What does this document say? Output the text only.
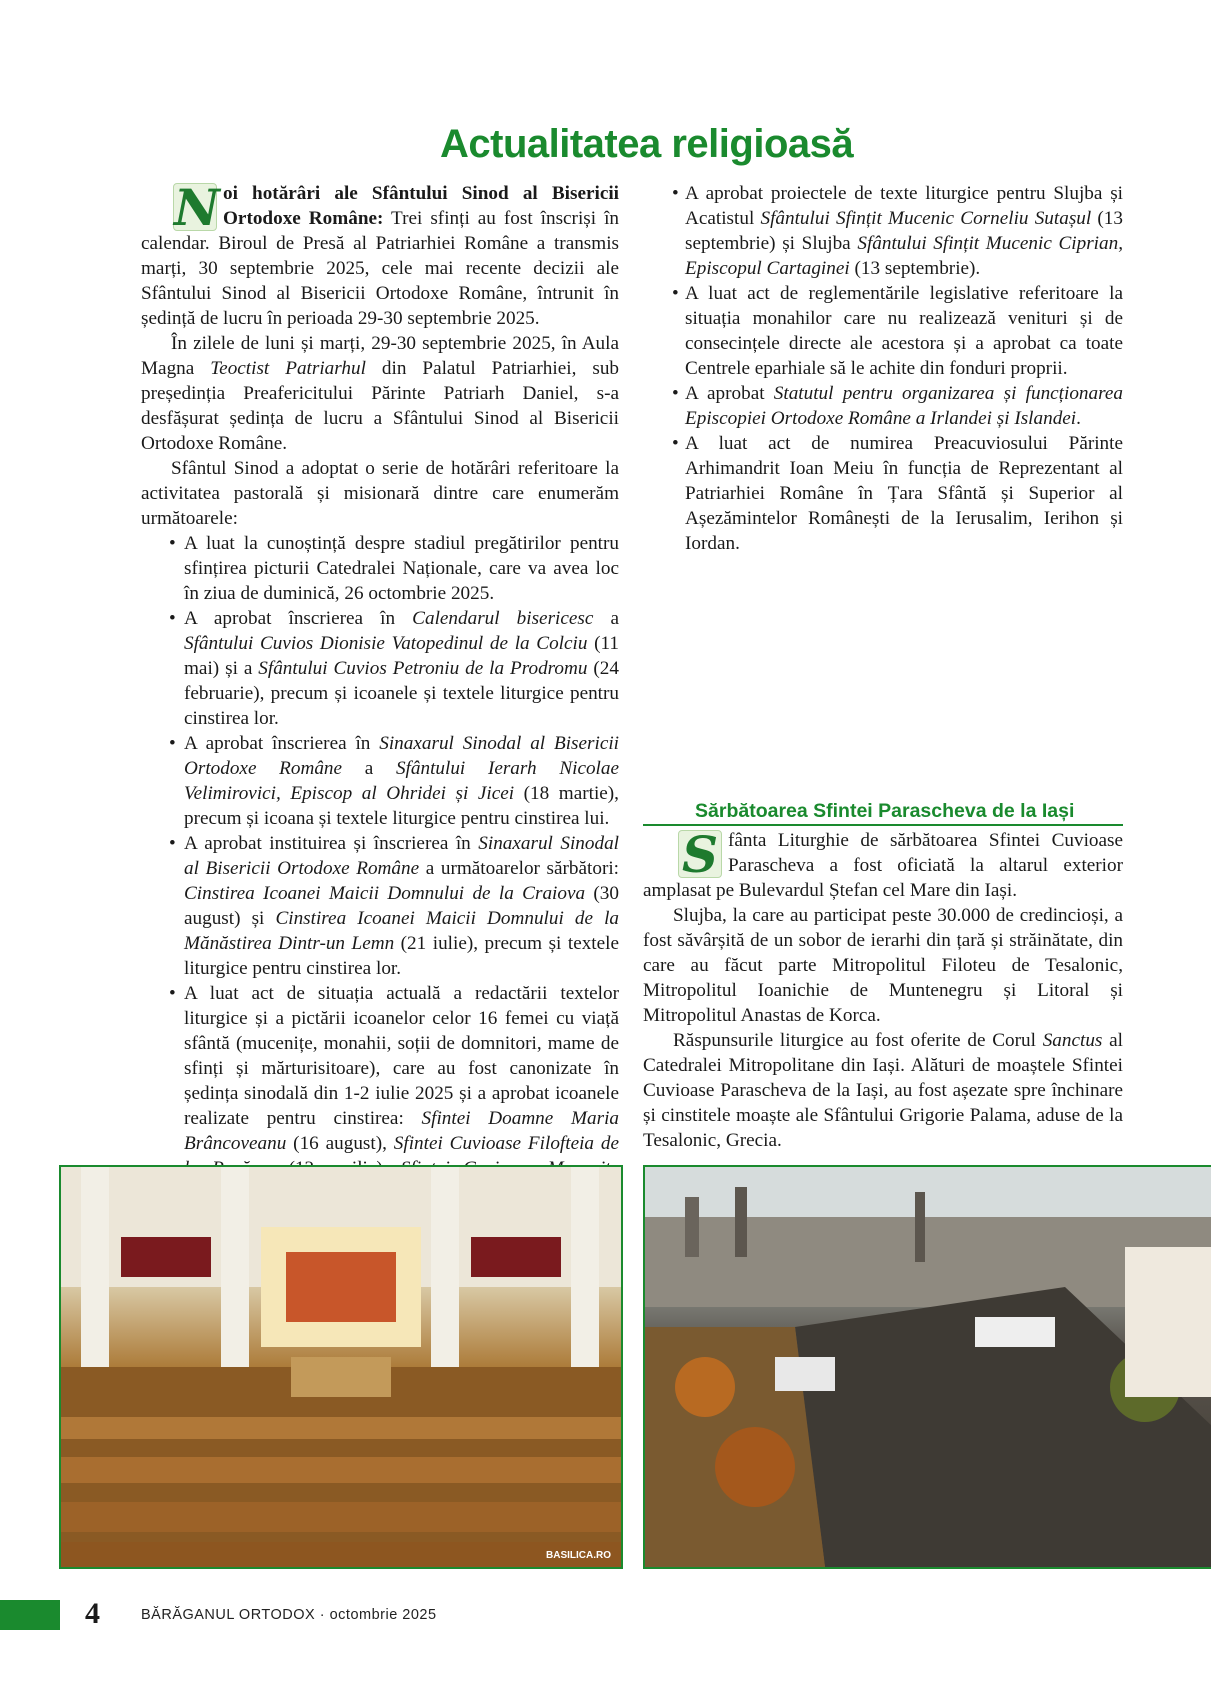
Actualitatea religioasă

N oi hotărâri ale Sfântului Sinod al Bisericii Ortodoxe Române: Trei sfinți au fost înscriși în calendar. Biroul de Presă al Patriarhiei Române a transmis marți, 30 septembrie 2025, cele mai recente decizii ale Sfântului Sinod al Bisericii Ortodoxe Române, întrunit în ședință de lucru în perioada 29-30 septembrie 2025.

În zilele de luni și marți, 29-30 septembrie 2025, în Aula Magna Teoctist Patriarhul din Palatul Patriarhiei, sub președinția Preafericitului Părinte Patriarh Daniel, s-a desfășurat ședința de lucru a Sfântului Sinod al Bisericii Ortodoxe Române.

Sfântul Sinod a adoptat o serie de hotărâri referitoare la activitatea pastorală și misionară dintre care enumerăm următoarele:

• A luat la cunoștință despre stadiul pregătirilor pentru sfințirea picturii Catedralei Naționale, care va avea loc în ziua de duminică, 26 octombrie 2025.
• A aprobat înscrierea în Calendarul bisericesc a Sfântului Cuvios Dionisie Vatopedinul de la Colciu (11 mai) și a Sfântului Cuvios Petroniu de la Prodromu (24 februarie), precum și icoanele și textele liturgice pentru cinstirea lor.
• A aprobat înscrierea în Sinaxarul Sinodal al Bisericii Ortodoxe Române a Sfântului Ierarh Nicolae Velimirovici, Episcop al Ohridei și Jicei (18 martie), precum și icoana și textele liturgice pentru cinstirea lui.
• A aprobat instituirea și înscrierea în Sinaxarul Sinodal al Bisericii Ortodoxe Române a următoarelor sărbători: Cinstirea Icoanei Maicii Domnului de la Craiova (30 august) și Cinstirea Icoanei Maicii Domnului de la Mănăstirea Dintr-un Lemn (21 iulie), precum și textele liturgice pentru cinstirea lor.
• A luat act de situația actuală a redactării textelor liturgice și a pictării icoanelor celor 16 femei cu viață sfântă (mucenițe, monahii, soții de domnitori, mame de sfinți și mărturisitoare), care au fost canonizate în ședința sinodală din 1-2 iulie 2025 și a aprobat icoanele realizate pentru cinstirea: Sfintei Doamne Maria Brâncoveanu (16 august), Sfintei Cuvioase Filofteia de
• A aprobat proiectele de texte liturgice pentru Slujba și Acatistul Sfântului Sfințit Mucenic Corneliu Sutașul (13 septembrie) și Slujba Sfântului Sfințit Mucenic Ciprian, Episcopul Cartaginei (13 septembrie).
• A luat act de reglementările legislative referitoare la situația monahilor care nu realizează venituri și de consecințele directe ale acestora și a aprobat ca toate Centrele eparhiale să le achite din fonduri proprii.
• A aprobat Statutul pentru organizarea și funcționarea Episcopiei Ortodoxe Române a Irlandei și Islandei.
• A luat act de numirea Preacuviosului Părinte Arhimandrit Ioan Meiu în funcția de Reprezentant al Patriarhiei Române în Țara Sfântă și Superior al Așezămintelor Românești de la Ierusalim, Ierihon și Iordan.
Sărbătoarea Sfintei Parascheva de la Iași

S fânta Liturghie de sărbătoarea Sfintei Cuvioase Parascheva a fost oficiată la altarul exterior amplasat pe Bulevardul Ștefan cel Mare din Iași.

Slujba, la care au participat peste 30.000 de credincioși, a fost săvârșită de un sobor de ierarhi din țară și străinătate, din care au făcut parte Mitropolitul Filoteu de Tesalonic, Mitropolitul Ioanichie de Muntenegru și Litoral și Mitropolitul Anastas de Korca.

Răspunsurile liturgice au fost oferite de Corul Sanctus al Catedralei Mitropolitane din Iași. Alături de moaștele Sfintei Cuvioase Parascheva de la Iași, au fost așezate spre închinare și cinstitele moaște ale Sfântului Grigorie Palama, aduse de la Tesalonic, Grecia.

BASILICA.RO
4	BĂRĂGANUL ORTODOX · octombrie 2025
